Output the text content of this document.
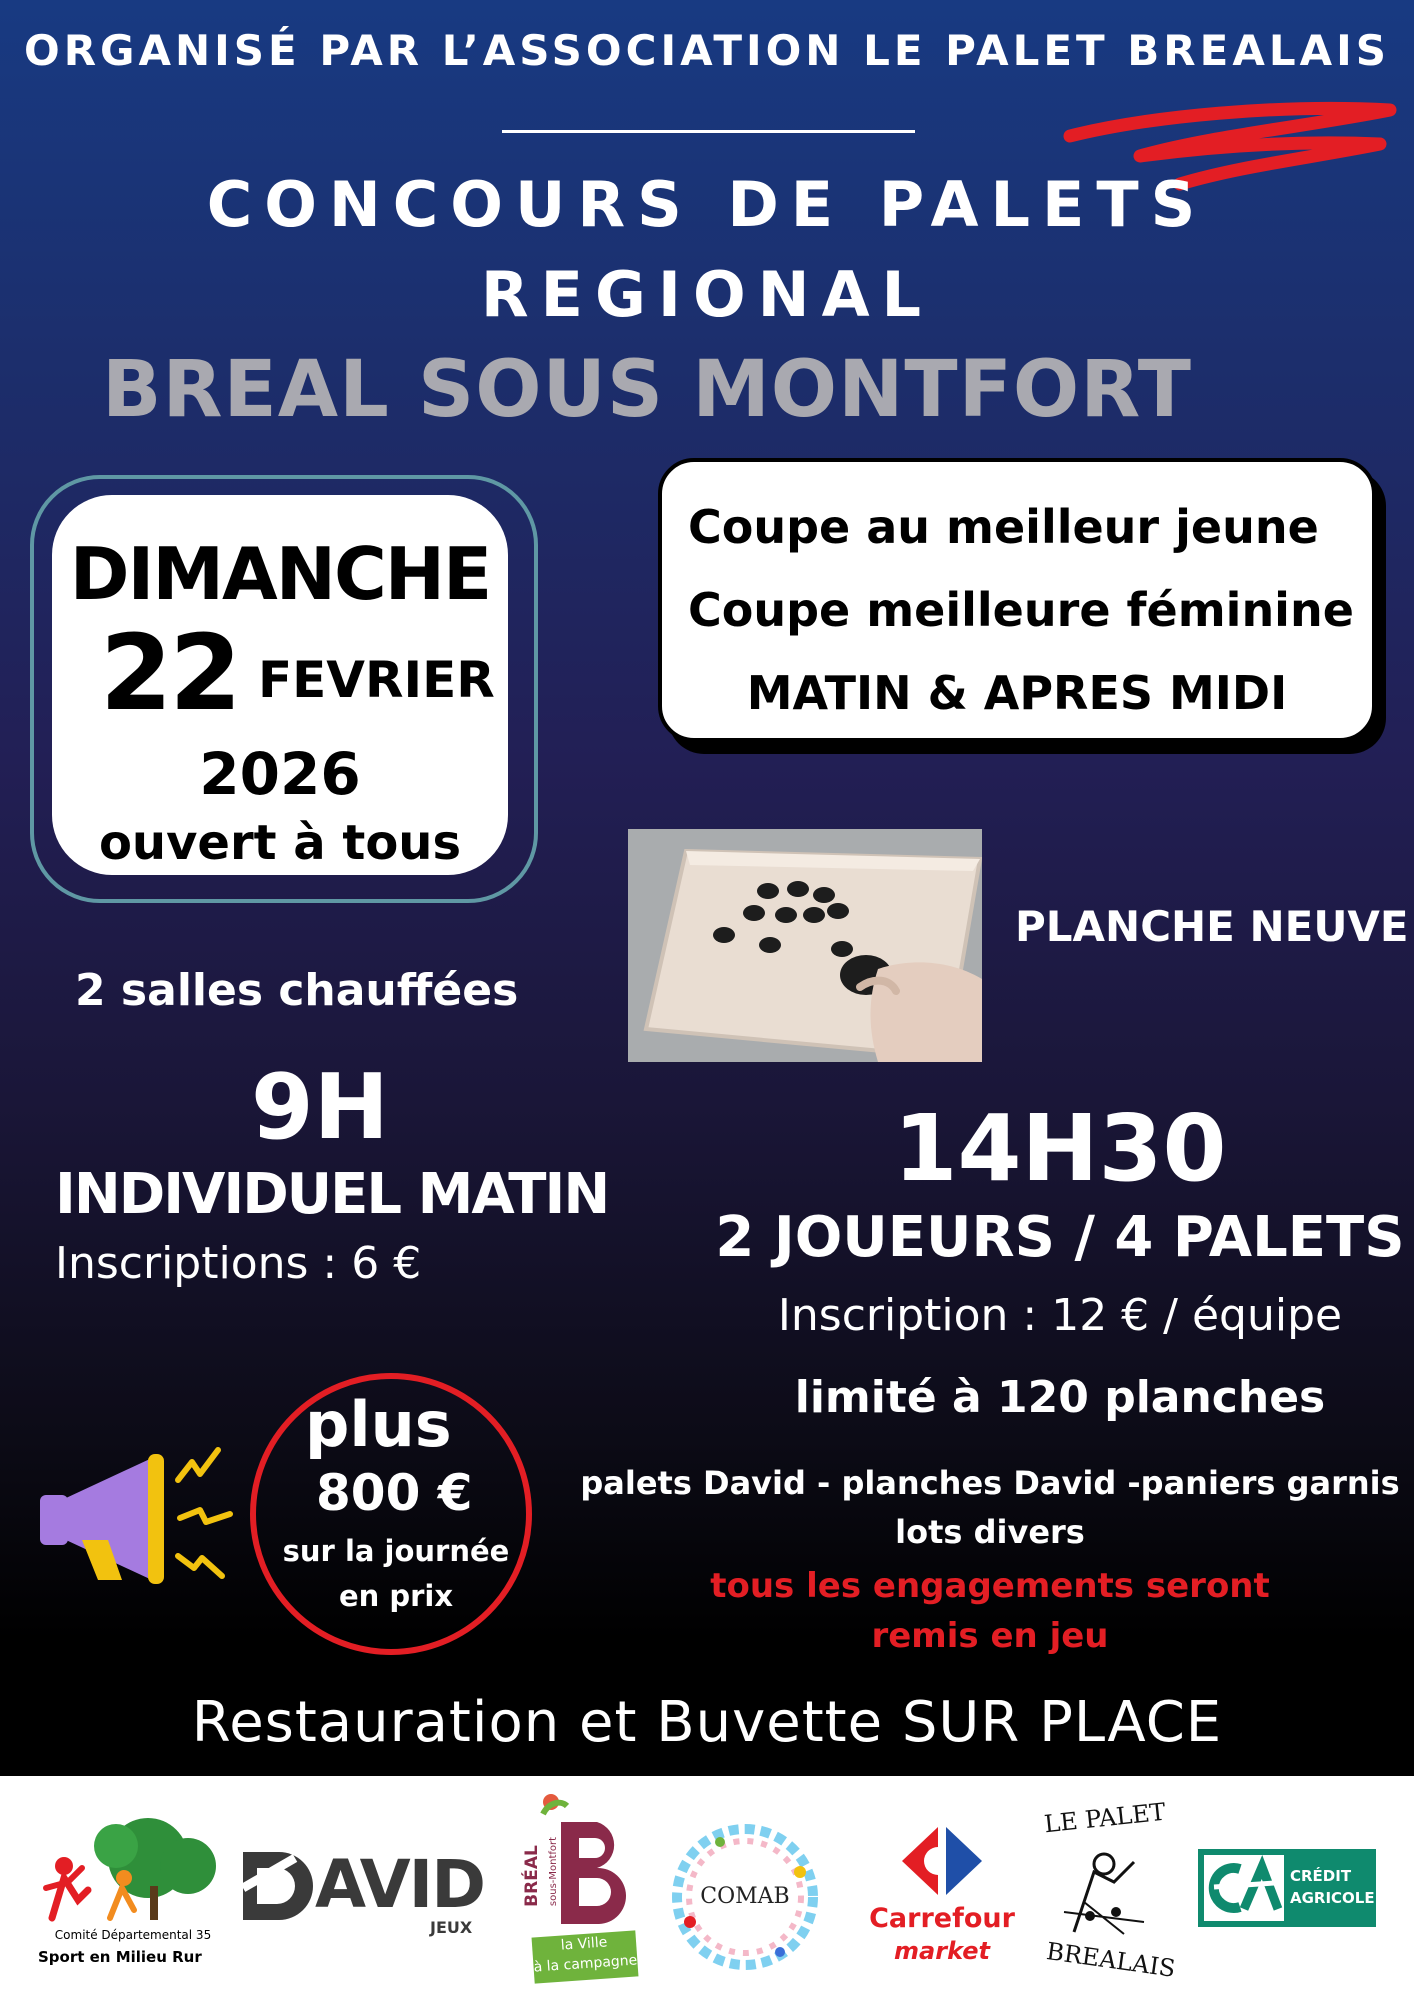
ORGANISÉ PAR L’ASSOCIATION LE PALET BREALAIS
CONCOURS DE PALETS
REGIONAL
BREAL SOUS MONTFORT
DIMANCHE
22 FEVRIER
2026
ouvert à tous
Coupe au meilleur jeune
Coupe meilleure féminine
MATIN & APRES MIDI
PLANCHE NEUVE
2 salles chauffées
9H
INDIVIDUEL MATIN
Inscriptions : 6 €
14H30
2 JOUEURS / 4 PALETS
Inscription : 12 € / équipe
limité à 120 planches
plus
800 €
sur la journée
en prix
palets David - planches David -paniers garnis
lots divers
tous les engagements seront
remis en jeu
Restauration et Buvette SUR PLACE
Comité Départemental 35
Sport en Milieu Rur
AVID
JEUX
BRÉAL sous-Montfort
la Ville
à la campagne
COMAB
Carrefour
market
LE PALET
BREALAIS
CRÉDIT
AGRICOLE
